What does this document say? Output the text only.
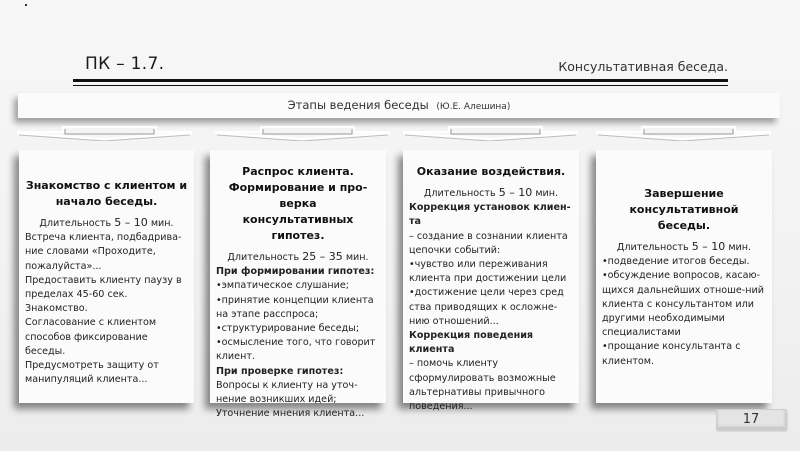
ПК – 1.7.	Консультативная беседа.
Этапы ведения беседы (Ю.Е. Алешина)
Знакомство с клиентом и
начало беседы.
Длительность 5 – 10 мин.

Встреча клиента, подбадрива-

ние словами «Проходите,

пожалуйста»...

Предоставить клиенту паузу в

пределах 45-60 сек.

Знакомство.

Согласование с клиентом

способов фиксирование беседы.

Предусмотреть защиту от

манипуляций клиента...

Распрос клиента.
Формирование и про-верка
консультативных гипотез.
Длительность 25 – 35 мин.

При формировании гипотез:

•эмпатическое слушание;

•принятие концепции клиента

на этапе расспроса;

•структурирование беседы;

•осмысление того, что говорит

клиент.

При проверке гипотез:

Вопросы к клиенту на уточ-

нение возникших идей;

Уточнение мнения клиента...

Оказание воздействия.
Длительность 5 – 10 мин.

Коррекция установок клиен-та

– создание в сознании клиента

цепочки событий:

•чувство или переживания

клиента при достижении цели

•достижение цели через сред

ства приводящих к осложне-

нию отношений...

Коррекция поведения клиента

– помочь клиенту

сформулировать возможные

альтернативы привычного

поведения...

Завершение
консультативной беседы.
Длительность 5 – 10 мин.

•подведение итогов беседы.

•обсуждение вопросов, касаю-

щихся дальнейших отноше-ний

клиента с консультантом или

другими необходимыми

специалистами

•прощание консультанта с

клиентом.

17
